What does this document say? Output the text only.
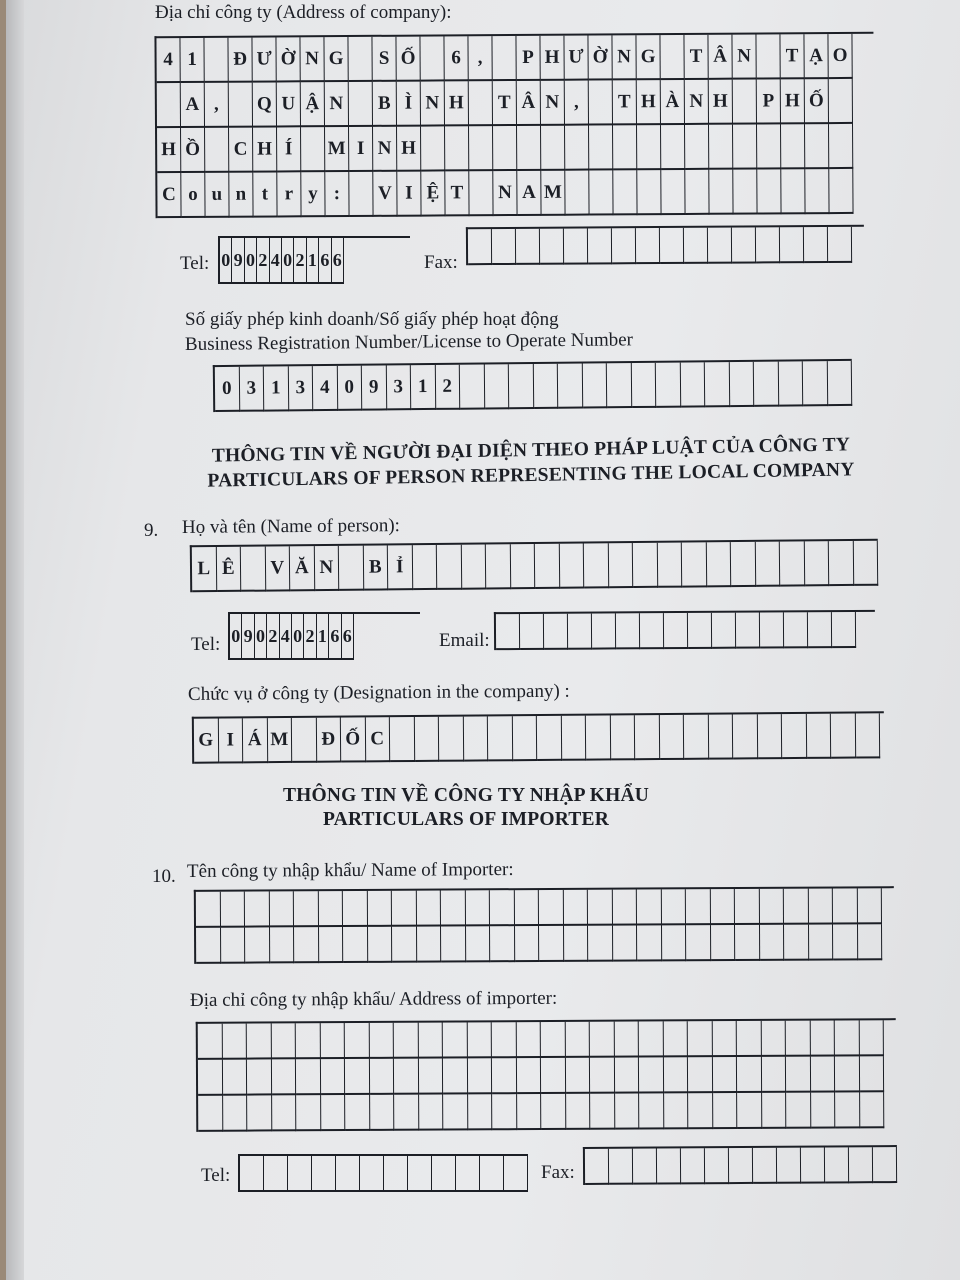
Địa chỉ công ty (Address of company):
4 1	Đ Ư Ờ N G	S Ố	6 ,	P H Ư Ờ N G T Â N	T Ạ O
A ,	Q U Ậ N	B Ì N H T Â N ,	T H À N H	P H Ố
H Ồ C H Í	M I N H
C o u n t r y :	V I Ệ T	N A M
Tel: 0 9 0 2 4 0 2 1 6 6	Fax:
Số giấy phép kinh doanh/Số giấy phép hoạt động
Business Registration Number/License to Operate Number
0 3 1 3 4 0 9 3 1 2
THÔNG TIN VỀ NGƯỜI ĐẠI DIỆN THEO PHÁP LUẬT CỦA CÔNG TY
PARTICULARS OF PERSON REPRESENTING THE LOCAL COMPANY
9. Họ và tên (Name of person):
L Ê	V Ă N	B Ỉ
Tel: 0 9 0 2 4 0 2 1 6 6	Email:
Chức vụ ở công ty (Designation in the company) :
G I Á M Đ Ố C
THÔNG TIN VỀ CÔNG TY NHẬP KHẨU
PARTICULARS OF IMPORTER
10. Tên công ty nhập khẩu/ Name of Importer:
Địa chỉ công ty nhập khẩu/ Address of importer:
Tel:	Fax:
